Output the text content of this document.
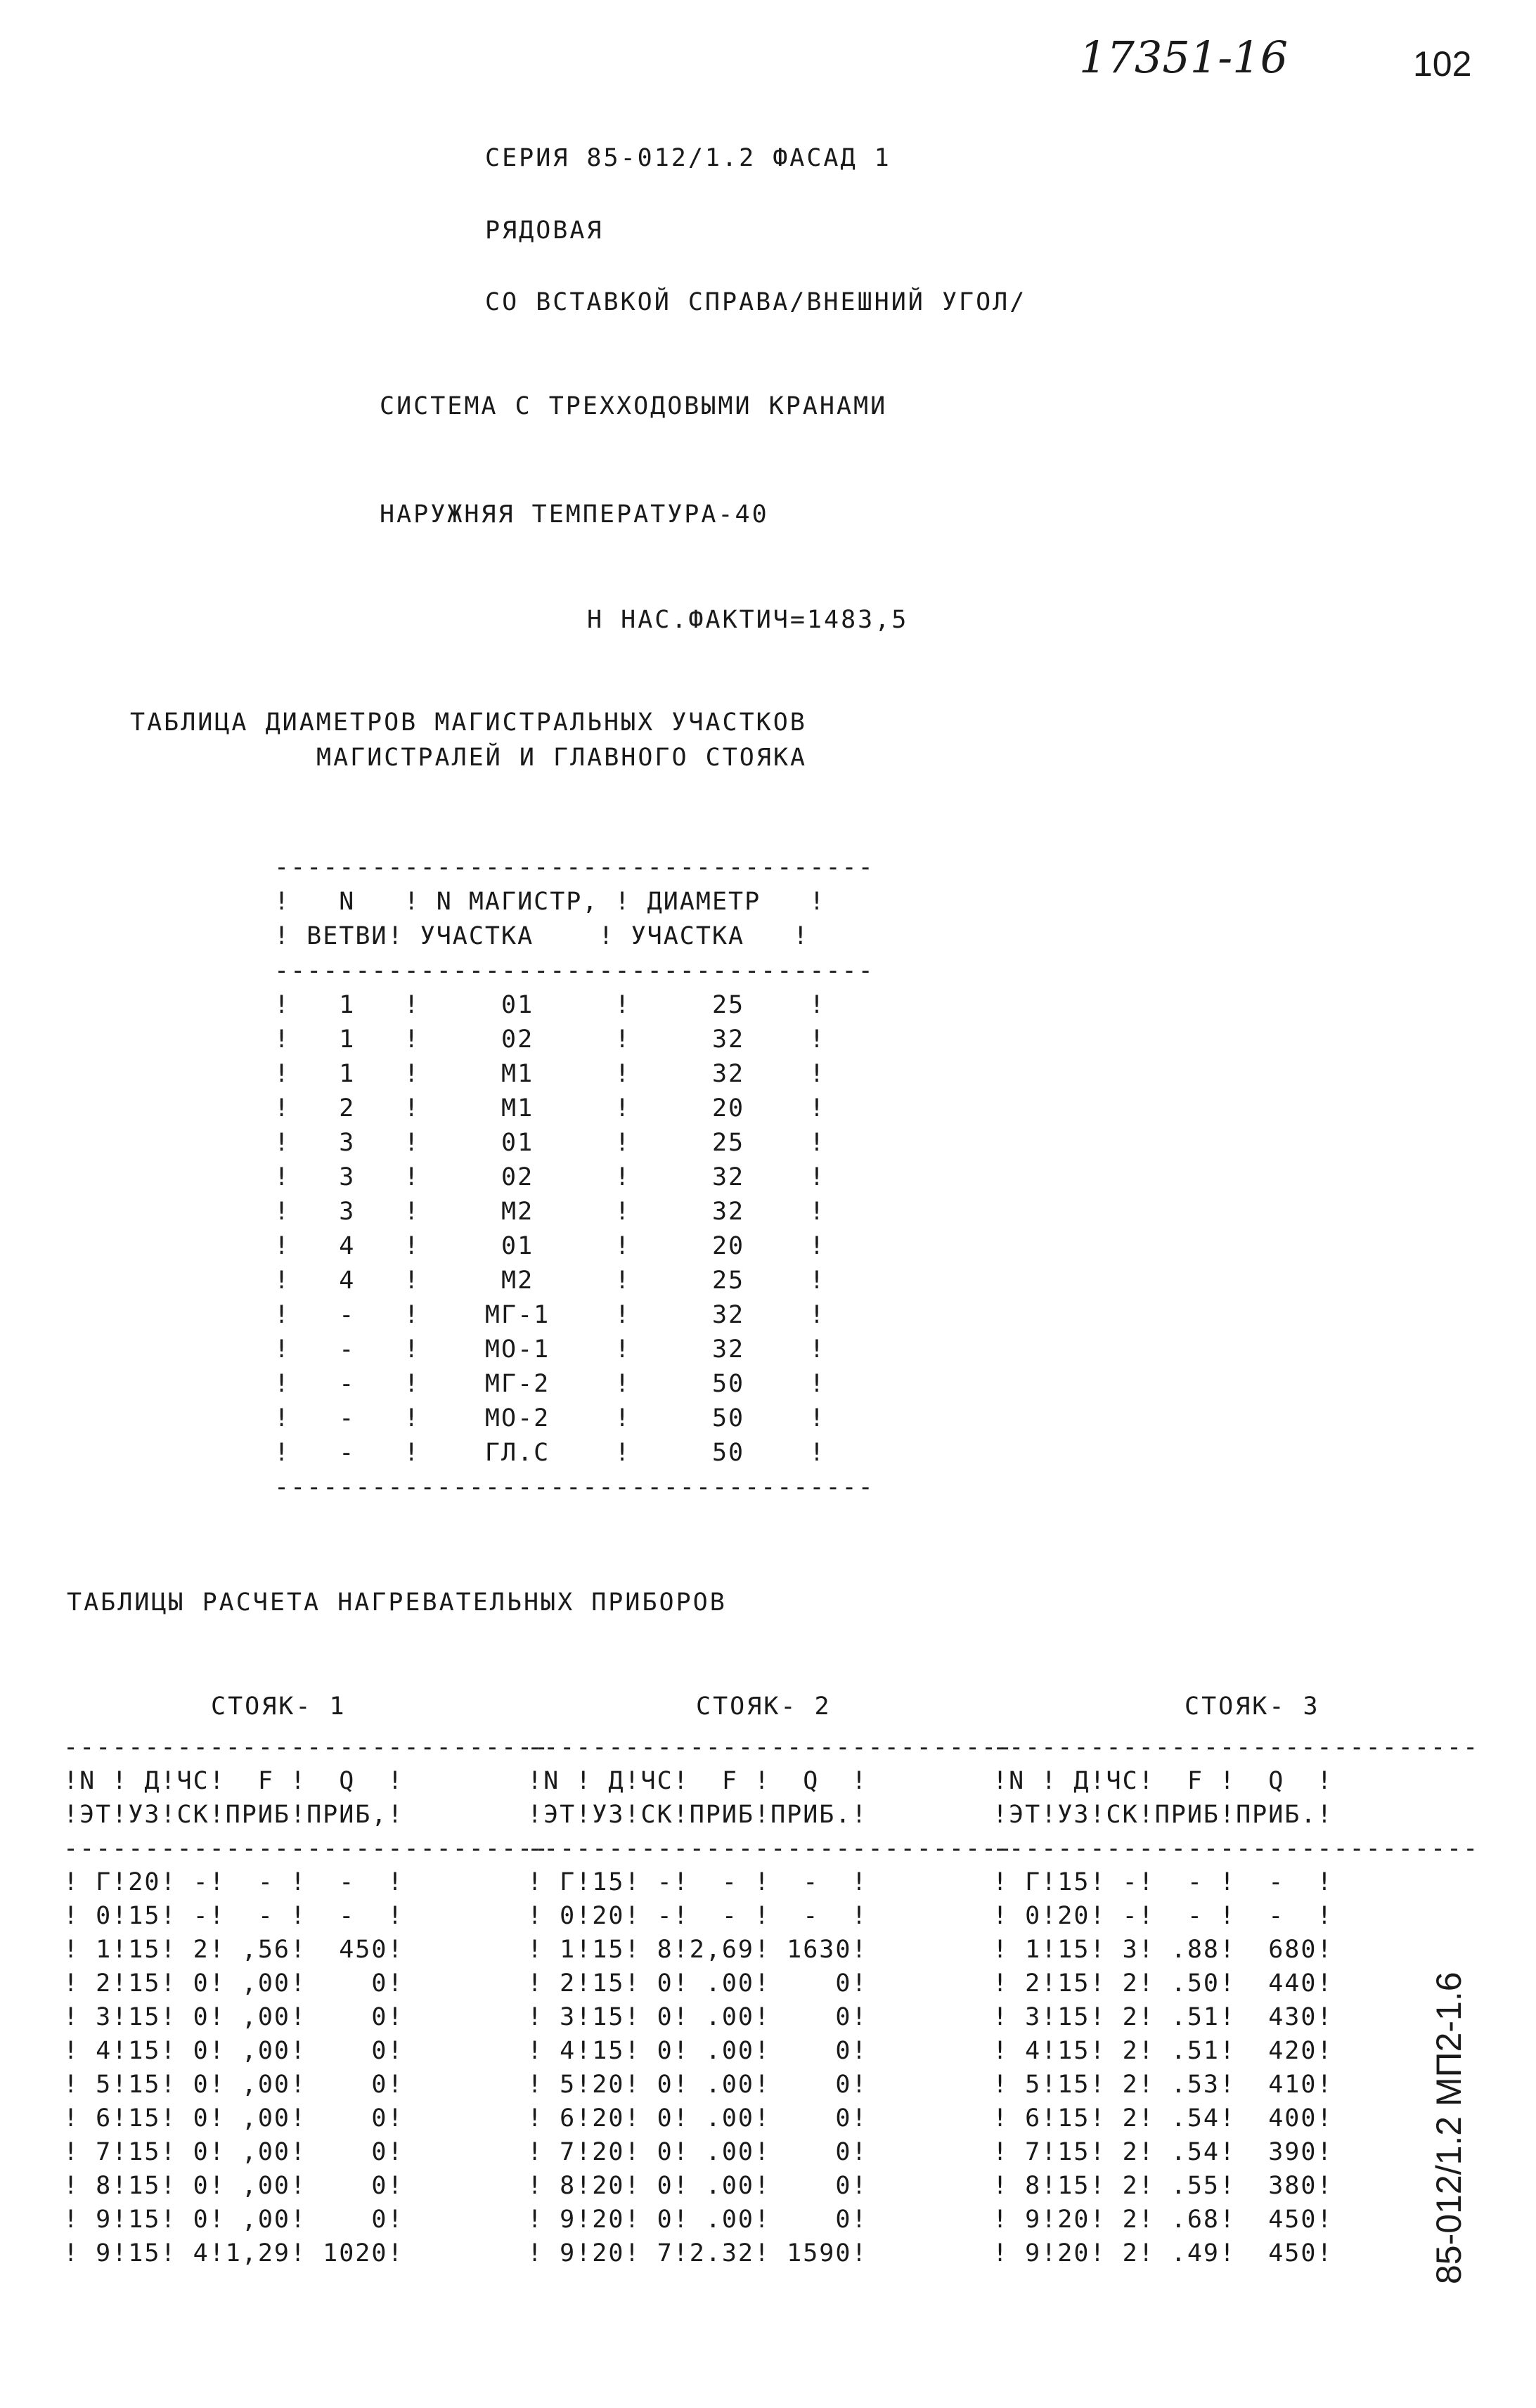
17351-16	102
СЕРИЯ 85-012/1.2 ФАСАД 1
РЯДОВАЯ
СО ВСТАВКОЙ СПРАВА/ВНЕШНИЙ УГОЛ/
СИСТЕМА С ТРЕХХОДОВЫМИ КРАНАМИ
НАРУЖНЯЯ ТЕМПЕРАТУРА-40
Н НАС.ФАКТИЧ=1483,5
ТАБЛИЦА ДИАМЕТРОВ МАГИСТРАЛЬНЫХ УЧАСТКОВ
МАГИСТРАЛЕЙ И ГЛАВНОГО СТОЯКА
-------------------------------------
!   N   ! N МАГИСТР, ! ДИАМЕТР   !
! ВЕТВИ! УЧАСТКА    ! УЧАСТКА   !
-------------------------------------
!   1   !     01     !     25    !
!   1   !     02     !     32    !
!   1   !     М1     !     32    !
!   2   !     М1     !     20    !
!   3   !     01     !     25    !
!   3   !     02     !     32    !
!   3   !     М2     !     32    !
!   4   !     01     !     20    !
!   4   !     М2     !     25    !
!   -   !    МГ-1    !     32    !
!   -   !    МО-1    !     32    !
!   -   !    МГ-2    !     50    !
!   -   !    МО-2    !     50    !
!   -   !    ГЛ.С    !     50    !
-------------------------------------
ТАБЛИЦЫ РАСЧЕТА НАГРЕВАТЕЛЬНЫХ ПРИБОРОВ
СТОЯК- 1
------------------------------
!N ! Д!ЧС!  F !  Q  !
!ЭТ!УЗ!СК!ПРИБ!ПРИБ,!
------------------------------
! Г!20! -!  - !  -  !
! 0!15! -!  - !  -  !
! 1!15! 2! ,56!  450!
! 2!15! 0! ,00!    0!
! 3!15! 0! ,00!    0!
! 4!15! 0! ,00!    0!
! 5!15! 0! ,00!    0!
! 6!15! 0! ,00!    0!
! 7!15! 0! ,00!    0!
! 8!15! 0! ,00!    0!
! 9!15! 0! ,00!    0!
! 9!15! 4!1,29! 1020!
СТОЯК- 2
------------------------------
!N ! Д!ЧС!  F !  Q  !
!ЭТ!УЗ!СК!ПРИБ!ПРИБ.!
------------------------------
! Г!15! -!  - !  -  !
! 0!20! -!  - !  -  !
! 1!15! 8!2,69! 1630!
! 2!15! 0! .00!    0!
! 3!15! 0! .00!    0!
! 4!15! 0! .00!    0!
! 5!20! 0! .00!    0!
! 6!20! 0! .00!    0!
! 7!20! 0! .00!    0!
! 8!20! 0! .00!    0!
! 9!20! 0! .00!    0!
! 9!20! 7!2.32! 1590!
СТОЯК- 3
------------------------------
!N ! Д!ЧС!  F !  Q  !
!ЭТ!УЗ!СК!ПРИБ!ПРИБ.!
------------------------------
! Г!15! -!  - !  -  !
! 0!20! -!  - !  -  !
! 1!15! 3! .88!  680!
! 2!15! 2! .50!  440!
! 3!15! 2! .51!  430!
! 4!15! 2! .51!  420!
! 5!15! 2! .53!  410!
! 6!15! 2! .54!  400!
! 7!15! 2! .54!  390!
! 8!15! 2! .55!  380!
! 9!20! 2! .68!  450!
! 9!20! 2! .49!  450!	85-012/1.2 МП2-1.6
